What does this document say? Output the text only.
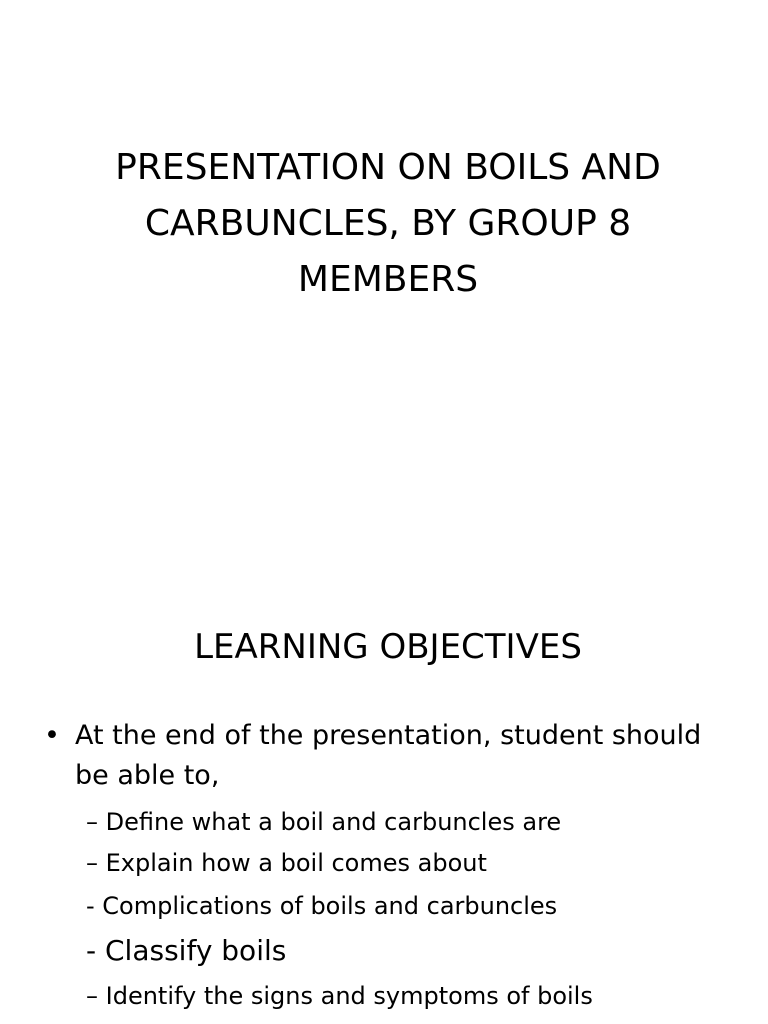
PRESENTATION ON BOILS AND
CARBUNCLES, BY GROUP 8
MEMBERS
LEARNING OBJECTIVES
• At the end of the presentation, student should
be able to,
– Define what a boil and carbuncles are
– Explain how a boil comes about
- Complications of boils and carbuncles
- Classify boils
– Identify the signs and symptoms of boils
